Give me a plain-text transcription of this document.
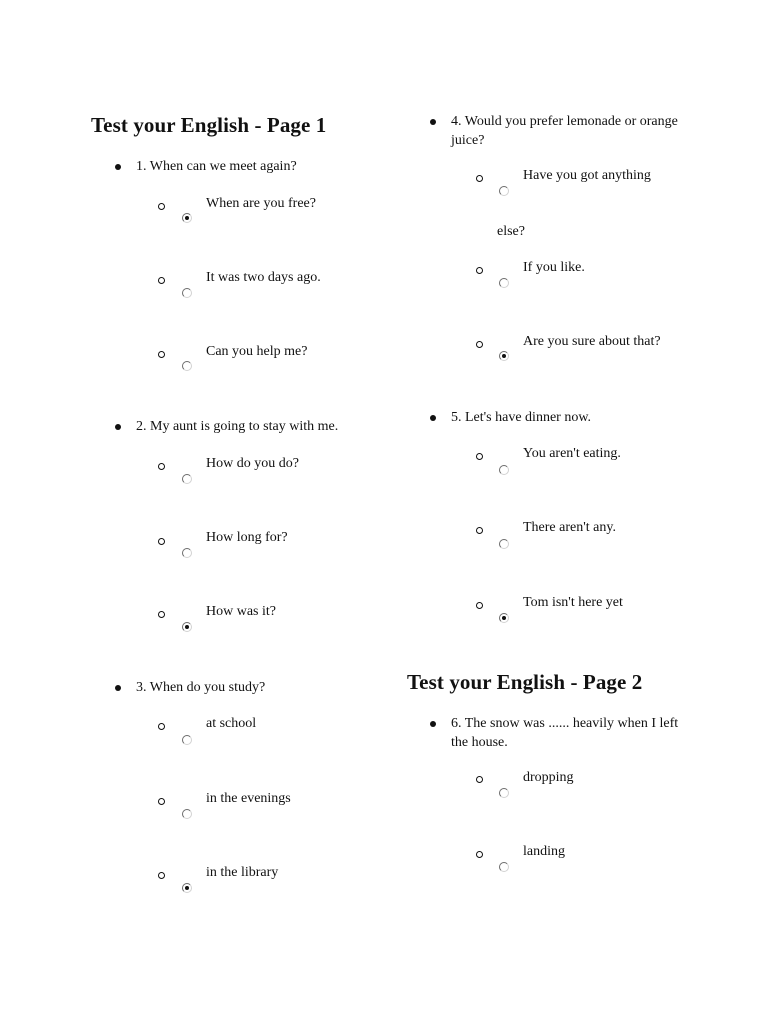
Test your English - Page 1
Test your English - Page 2
1. When can we meet again?
When are you free?
It was two days ago.
Can you help me?
2. My aunt is going to stay with me.
How do you do?
How long for?
How was it?
3. When do you study?
at school
in the evenings
in the library
4. Would you prefer lemonade or orange juice?
Have you got anything
else?
If you like.
Are you sure about that?
5. Let's have dinner now.
You aren't eating.
There aren't any.
Tom isn't here yet
6. The snow was ...... heavily when I left the house.
dropping
landing
